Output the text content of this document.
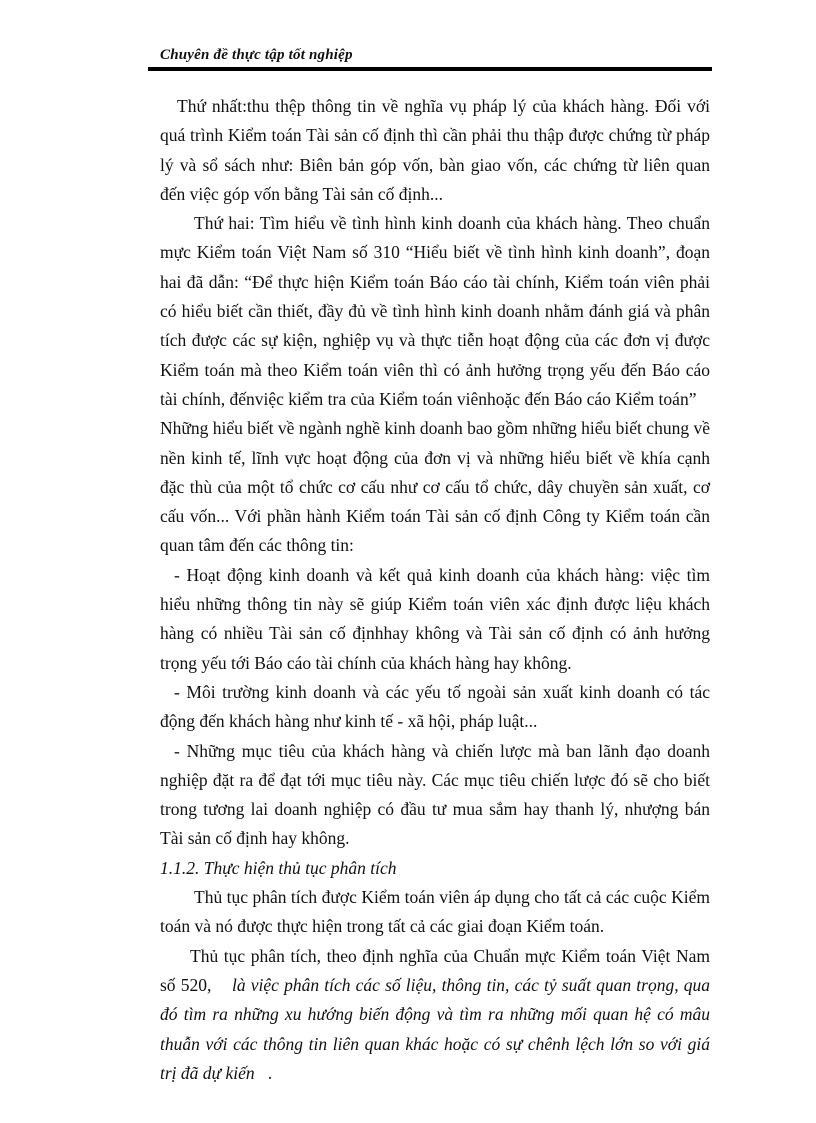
Chuyên đề thực tập tốt nghiệp

Thứ nhất:thu thệp thông tin về nghĩa vụ pháp lý của khách hàng. Đối với quá trình Kiểm toán Tài sản cố định thì cần phải thu thập được chứng từ pháp lý và sổ sách như: Biên bản góp vốn, bàn giao vốn, các chứng từ liên quan đến việc góp vốn bằng Tài sản cố định...

Thứ hai: Tìm hiểu về tình hình kinh doanh của khách hàng. Theo chuẩn mực Kiểm toán Việt Nam số 310 “Hiểu biết về tình hình kinh doanh”, đoạn hai đã dẫn: “Để thực hiện Kiểm toán Báo cáo tài chính, Kiểm toán viên phải có hiểu biết cần thiết, đầy đủ về tình hình kinh doanh nhằm đánh giá và phân tích được các sự kiện, nghiệp vụ và thực tiễn hoạt động của các đơn vị được Kiểm toán mà theo Kiểm toán viên thì có ảnh hưởng trọng yếu đến Báo cáo tài chính, đếnviệc kiểm tra của Kiểm toán viênhoặc đến Báo cáo Kiểm toán”

Những hiểu biết về ngành nghề kinh doanh bao gồm những hiểu biết chung về nền kinh tế, lĩnh vực hoạt động của đơn vị và những hiểu biết về khía cạnh đặc thù của một tổ chức cơ cấu như cơ cấu tổ chức, dây chuyền sản xuất, cơ cấu vốn... Với phần hành Kiểm toán Tài sản cố định Công ty Kiểm toán cần quan tâm đến các thông tin:

- Hoạt động kinh doanh và kết quả kinh doanh của khách hàng: việc tìm hiểu những thông tin này sẽ giúp Kiểm toán viên xác định được liệu khách hàng có nhiều Tài sản cố địnhhay không và Tài sản cố định có ảnh hưởng trọng yếu tới Báo cáo tài chính của khách hàng hay không.

- Môi trường kinh doanh và các yếu tố ngoài sản xuất kinh doanh có tác động đến khách hàng như kinh tế - xã hội, pháp luật...

- Những mục tiêu của khách hàng và chiến lược mà ban lãnh đạo doanh nghiệp đặt ra để đạt tới mục tiêu này. Các mục tiêu chiến lược đó sẽ cho biết trong tương lai doanh nghiệp có đầu tư mua sắm hay thanh lý, nhượng bán Tài sản cố định hay không.

1.1.2. Thực hiện thủ tục phân tích

Thủ tục phân tích được Kiểm toán viên áp dụng cho tất cả các cuộc Kiểm toán và nó được thực hiện trong tất cả các giai đoạn Kiểm toán.

Thủ tục phân tích, theo định nghĩa của Chuẩn mực Kiểm toán Việt Nam số 520, là việc phân tích các số liệu, thông tin, các tỷ suất quan trọng, qua đó tìm ra những xu hướng biến động và tìm ra những mối quan hệ có mâu thuẫn với các thông tin liên quan khác hoặc có sự chênh lệch lớn so với giá trị đã dự kiến .
